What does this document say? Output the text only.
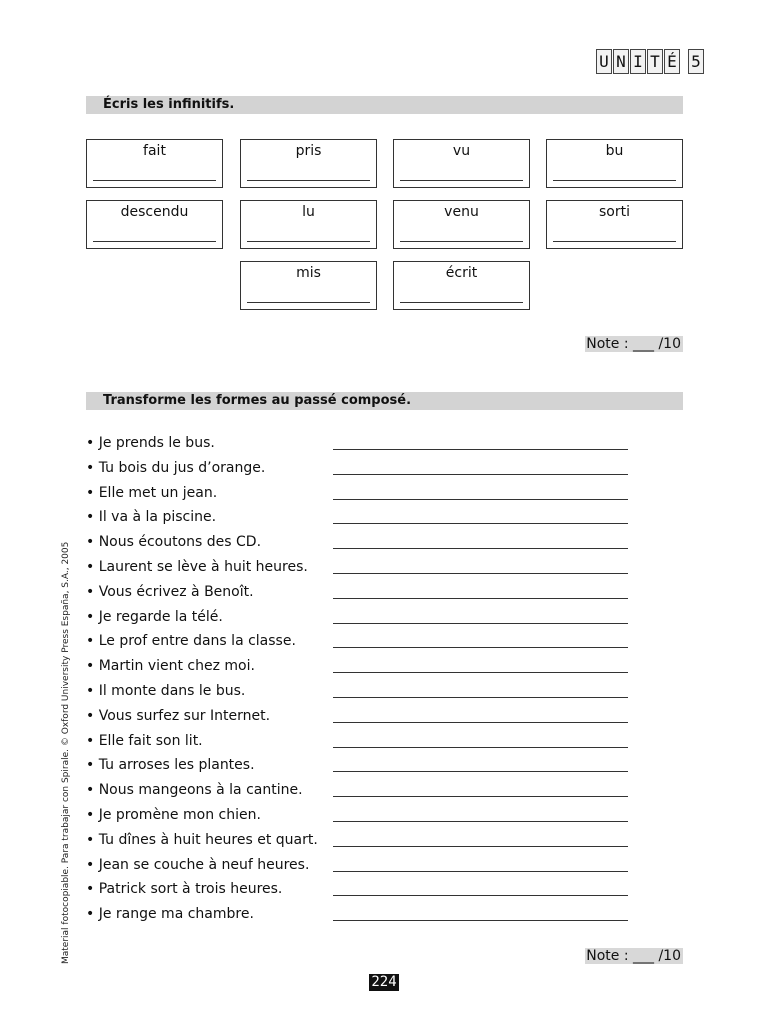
U N I T É 5
Écris les infinitifs.
fait	pris	vu	bu
descendu	lu	venu	sorti
mis	écrit
Note : ___ /10
Transforme les formes au passé composé.
• Je prends le bus.
• Tu bois du jus d’orange.
• Elle met un jean.
• Il va à la piscine.
• Nous écoutons des CD.
• Laurent se lève à huit heures.
• Vous écrivez à Benoît.
• Je regarde la télé.
• Le prof entre dans la classe.
• Martin vient chez moi.
• Il monte dans le bus.
• Vous surfez sur Internet.
• Elle fait son lit.
• Tu arroses les plantes.
• Nous mangeons à la cantine.
• Je promène mon chien.
• Tu dînes à huit heures et quart.
• Jean se couche à neuf heures.
• Patrick sort à trois heures.
• Je range ma chambre.
Note : ___ /10
Material fotocopiable. Para trabajar con Spirale. © Oxford University Press España, S.A., 2005
224
